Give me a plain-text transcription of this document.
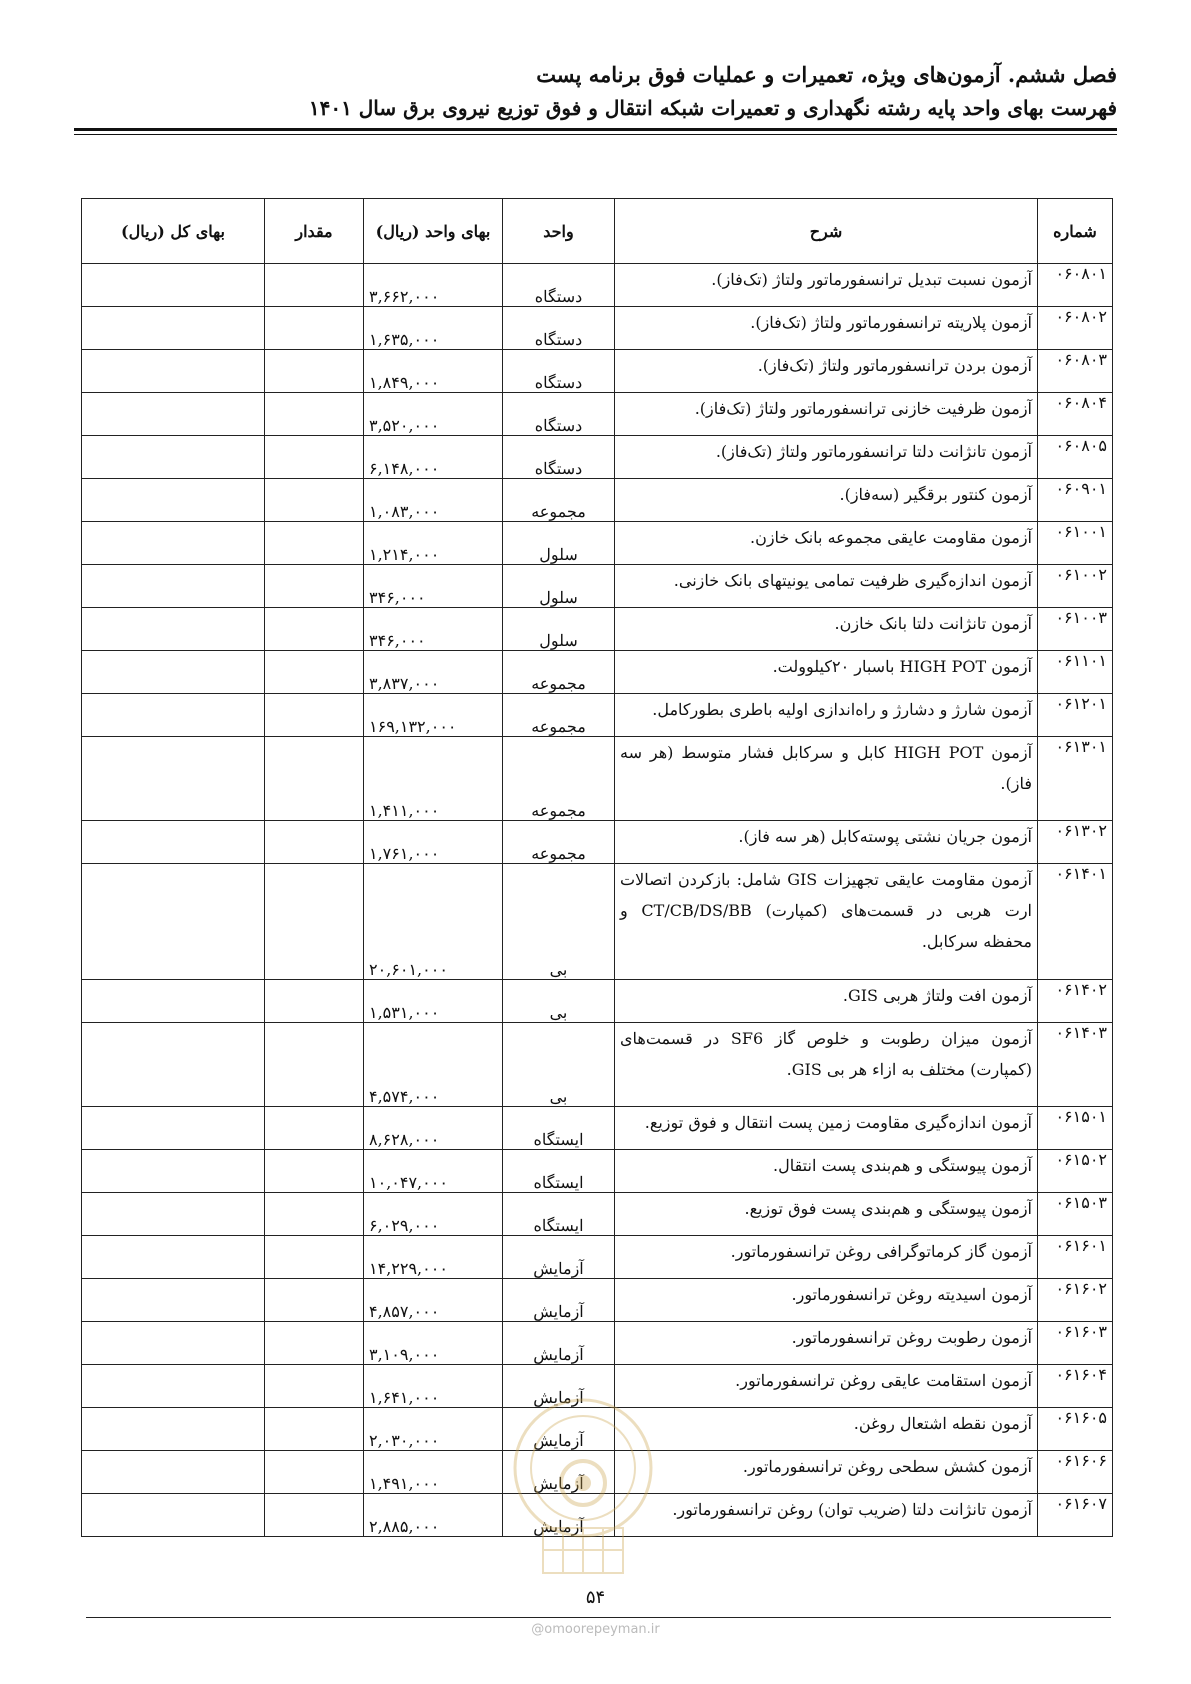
فصل ششم. آزمون‌های ویژه، تعمیرات و عملیات فوق برنامه پست
فهرست بهای واحد پایه رشته نگهداری و تعمیرات شبکه انتقال و فوق توزیع نیروی برق سال ۱۴۰۱
شماره	شرح	واحد	بهای واحد (ریال)	مقدار	بهای کل (ریال)
۰۶۰۸۰۱	آزمون نسبت تبدیل ترانسفورماتور ولتاژ (تک‌فاز).	دستگاه	۳,۶۶۲,۰۰۰		
۰۶۰۸۰۲	آزمون پلاریته ترانسفورماتور ولتاژ (تک‌فاز).	دستگاه	۱,۶۳۵,۰۰۰		
۰۶۰۸۰۳	آزمون بردن ترانسفورماتور ولتاژ (تک‌فاز).	دستگاه	۱,۸۴۹,۰۰۰		
۰۶۰۸۰۴	آزمون ظرفیت خازنی ترانسفورماتور ولتاژ (تک‌فاز).	دستگاه	۳,۵۲۰,۰۰۰		
۰۶۰۸۰۵	آزمون تانژانت دلتا ترانسفورماتور ولتاژ (تک‌فاز).	دستگاه	۶,۱۴۸,۰۰۰		
۰۶۰۹۰۱	آزمون کنتور برقگیر (سه‌فاز).	مجموعه	۱,۰۸۳,۰۰۰		
۰۶۱۰۰۱	آزمون مقاومت عایقی مجموعه بانک خازن.	سلول	۱,۲۱۴,۰۰۰		
۰۶۱۰۰۲	آزمون اندازه‌گیری ظرفیت تمامی یونیتهای بانک خازنی.	سلول	۳۴۶,۰۰۰		
۰۶۱۰۰۳	آزمون تانژانت دلتا بانک خازن.	سلول	۳۴۶,۰۰۰		
۰۶۱۱۰۱	آزمون HIGH POT باسبار ۲۰کیلوولت.	مجموعه	۳,۸۳۷,۰۰۰		
۰۶۱۲۰۱	آزمون شارژ و دشارژ و راه‌اندازی اولیه باطری بطورکامل.	مجموعه	۱۶۹,۱۳۲,۰۰۰		
۰۶۱۳۰۱	آزمون HIGH POT کابل و سرکابل فشار متوسط (هر سه فاز).	مجموعه	۱,۴۱۱,۰۰۰		
۰۶۱۳۰۲	آزمون جریان نشتی پوسته‌کابل (هر سه فاز).	مجموعه	۱,۷۶۱,۰۰۰		
۰۶۱۴۰۱	آزمون مقاومت عایقی تجهیزات GIS شامل: بازکردن اتصالات ارت هربی در قسمت‌های (کمپارت) CT/CB/DS/BB و محفظه سرکابل.	بی	۲۰,۶۰۱,۰۰۰		
۰۶۱۴۰۲	آزمون افت ولتاژ هربی GIS.	بی	۱,۵۳۱,۰۰۰		
۰۶۱۴۰۳	آزمون میزان رطوبت و خلوص گاز SF6 در قسمت‌های (کمپارت) مختلف به ازاء هر بی GIS.	بی	۴,۵۷۴,۰۰۰		
۰۶۱۵۰۱	آزمون اندازه‌گیری مقاومت زمین پست انتقال و فوق توزیع.	ایستگاه	۸,۶۲۸,۰۰۰		
۰۶۱۵۰۲	آزمون پیوستگی و هم‌بندی پست انتقال.	ایستگاه	۱۰,۰۴۷,۰۰۰		
۰۶۱۵۰۳	آزمون پیوستگی و هم‌بندی پست فوق توزیع.	ایستگاه	۶,۰۲۹,۰۰۰		
۰۶۱۶۰۱	آزمون گاز کرماتوگرافی روغن ترانسفورماتور.	آزمایش	۱۴,۲۲۹,۰۰۰		
۰۶۱۶۰۲	آزمون اسیدیته روغن ترانسفورماتور.	آزمایش	۴,۸۵۷,۰۰۰		
۰۶۱۶۰۳	آزمون رطوبت روغن ترانسفورماتور.	آزمایش	۳,۱۰۹,۰۰۰		
۰۶۱۶۰۴	آزمون استقامت عایقی روغن ترانسفورماتور.	آزمایش	۱,۶۴۱,۰۰۰		
۰۶۱۶۰۵	آزمون نقطه اشتعال روغن.	آزمایش	۲,۰۳۰,۰۰۰		
۰۶۱۶۰۶	آزمون کشش سطحی روغن ترانسفورماتور.	آزمایش	۱,۴۹۱,۰۰۰		
۰۶۱۶۰۷	آزمون تانژانت دلتا (ضریب توان) روغن ترانسفورماتور.	آزمایش	۲,۸۸۵,۰۰۰		
۵۴
@omoorepeyman.ir
